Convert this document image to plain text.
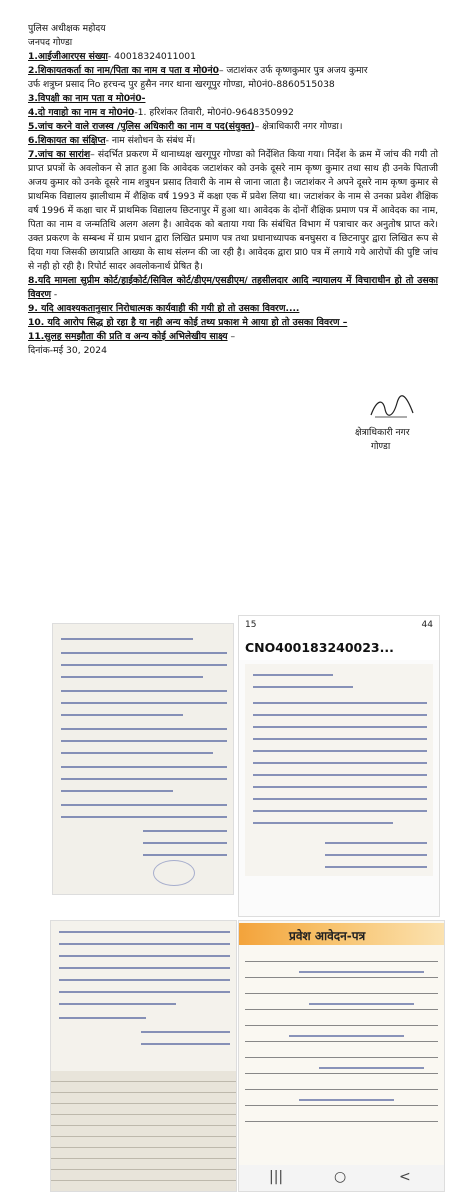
पुलिस अधीक्षक महोदय
जनपद गोण्डा
1.आईजीआरएस संख्या- 40018324011001
2.शिकायतकर्ता का नाम/पिता का नाम व पता व मो0नं0– जटाशंकर उर्फ कृष्णकुमार पुत्र अजय कुमार
उर्फ शत्रुघ्न प्रसाद निo हरचन्द पुर हुसैन नगर थाना खरगूपुर गोण्डा, मो0नं0-8860515038
3.विपक्षी का नाम पता व मो0नं0-
4.दो गवाहो का नाम व मो0नं0-1. हरिशंकर तिवारी, मो0नं0-9648350992
5.जांच करने वाले राजस्व /पुलिस अधिकारी का नाम व पद(संयुक्त)– क्षेत्राधिकारी नगर गोण्डा।
6.शिकायत का संक्षिप्त- नाम संशोधन के संबंध में।
7.जांच का सारांश– संदर्भित प्रकरण में थानाध्यक्ष खरगूपुर गोण्डा को निर्देशित किया गया। निर्देश के क्रम में जांच की गयी तो प्राप्त प्रपत्रों के अवलोकन से ज्ञात हुआ कि आवेदक जटाशंकर को उनके दूसरे नाम कृष्ण कुमार तथा साथ ही उनके पिताजी अजय कुमार को उनके दूसरे नाम शत्रुघन प्रसाद तिवारी के नाम से जाना जाता है। जटाशंकर ने अपने दूसरे नाम कृष्ण कुमार से प्राथमिक विद्यालय झालीधाम में शैक्षिक वर्ष 1993 में कक्षा एक में प्रवेश लिया था। जटाशंकर के नाम से उनका प्रवेश शैक्षिक वर्ष 1996 में कक्षा चार में प्राथमिक विद्यालय छिटनापुर में हुआ था। आवेदक के दोनों शैक्षिक प्रमाण पत्र में आवेदक का नाम, पिता का नाम व जन्मतिथि अलग अलग है। आवेदक को बताया गया कि संबंधित विभाग में पत्राचार कर अनुतोष प्राप्त करे। उक्त प्रकरण के सम्बन्ध में ग्राम प्रधान द्वारा लिखित प्रमाण पत्र तथा प्रधानाध्यापक बनघुसरा व छिटनापुर द्वारा लिखित रूप से दिया गया जिसकी छायाप्रति आख्या के साथ संलग्न की जा रही है। आवेदक द्वारा प्रा0 पत्र में लगाये गये आरोपों की पुष्टि जांच से नही हो रही है। रिपोर्ट सादर अवलोकनार्थ प्रेषित है।
8.यदि मामला सुप्रीम कोर्ट/हाईकोर्ट/सिविल कोर्ट/डीएम/एसडीएम/ तहसीलदार आदि न्यायालय में विचाराधीन हो तो उसका विवरण -
9. यदि आवश्यकतानुसार निरोधात्मक कार्यवाही की गयी हो तो उसका विवरण....
10. यदि आरोप सिद्ध हो रहा है या नही अन्य कोई तथ्य प्रकाश मे आया हो तो उसका विवरण –
11.सुलह समझौता की प्रति व अन्य कोई अभिलेखीय साक्ष्य –
दिनांक-मई 30, 2024
क्षेत्राधिकारी नगर
गोण्डा
15	44
CNO400183240023...
प्रवेश आवेदन-पत्र
|||	○	<
